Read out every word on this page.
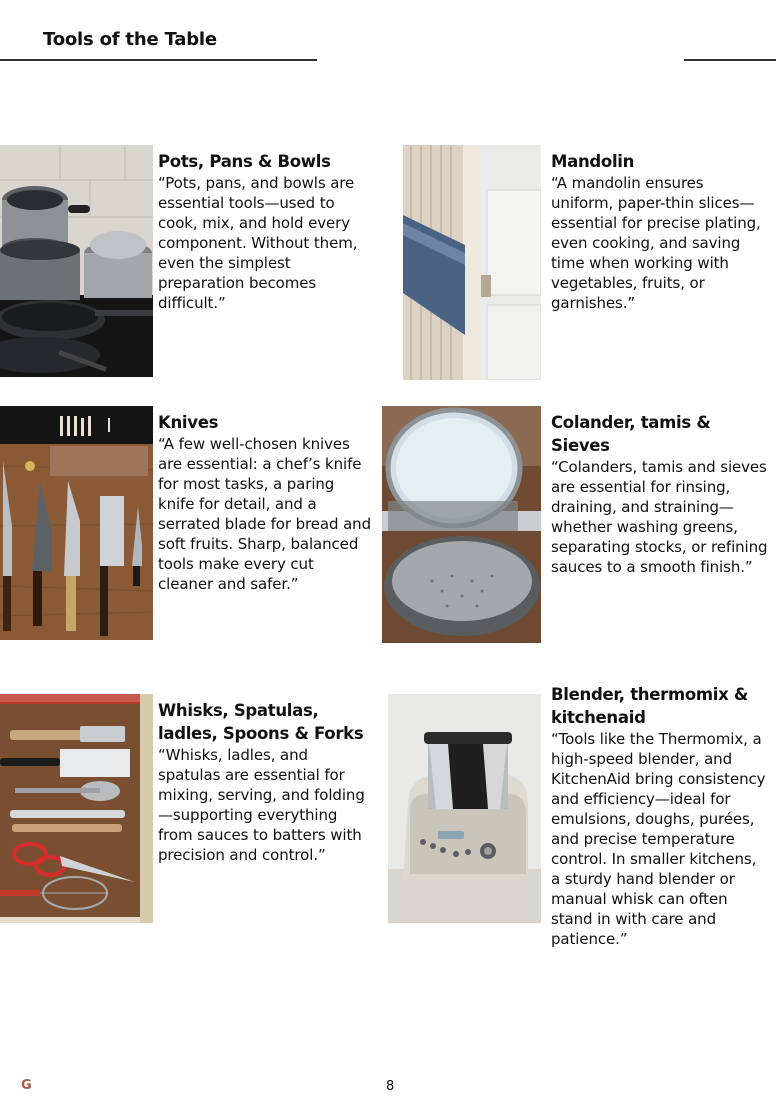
Tools of the Table
Pots, Pans & Bowls

“Pots, pans, and bowls are essential tools—used to cook, mix, and hold every component. Without them, even the simplest preparation becomes difficult.”

Mandolin

“A mandolin ensures uniform, paper-thin slices—essential for precise plating, even cooking, and saving time when working with vegetables, fruits, or garnishes.”

Knives

“A few well-chosen knives are essential: a chef’s knife for most tasks, a paring knife for detail, and a serrated blade for bread and soft fruits. Sharp, balanced tools make every cut cleaner and safer.”

Colander, tamis & Sieves

“Colanders, tamis and sieves are essential for rinsing, draining, and straining—whether washing greens, separating stocks, or refining sauces to a smooth finish.”

Whisks, Spatulas, ladles, Spoons & Forks

“Whisks, ladles, and spatulas are essential for mixing, serving, and folding—supporting everything from sauces to batters with precision and control.”

Blender, thermomix & kitchenaid

“Tools like the Thermomix, a high-speed blender, and KitchenAid bring consistency and efficiency—ideal for emulsions, doughs, purées, and precise temperature control. In smaller kitchens, a sturdy hand blender or manual whisk can often stand in with care and patience.”

G	8
